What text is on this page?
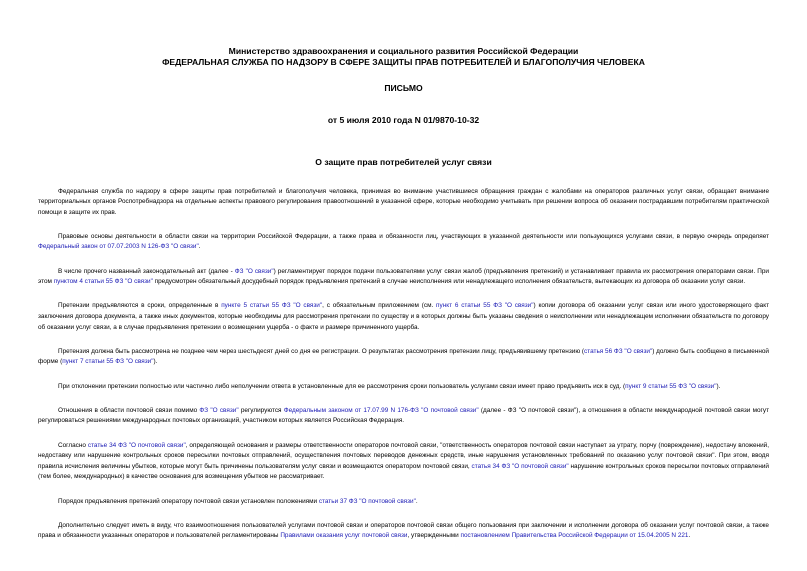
Министерство здравоохранения и социального развития Российской Федерации
ФЕДЕРАЛЬНАЯ СЛУЖБА ПО НАДЗОРУ В СФЕРЕ ЗАЩИТЫ ПРАВ ПОТРЕБИТЕЛЕЙ И БЛАГОПОЛУЧИЯ ЧЕЛОВЕКА
ПИСЬМО
от 5 июля 2010 года N 01/9870-10-32
О защите прав потребителей услуг связи

Федеральная служба по надзору в сфере защиты прав потребителей и благополучия человека, принимая во внимание участившиеся обращения граждан с жалобами на операторов различных услуг связи, обращает внимание территориальных органов Роспотребнадзора на отдельные аспекты правового регулирования правоотношений в указанной сфере, которые необходимо учитывать при решении вопроса об оказании пострадавшим потребителям практической помощи в защите их прав.

Правовые основы деятельности в области связи на территории Российской Федерации, а также права и обязанности лиц, участвующих в указанной деятельности или пользующихся услугами связи, в первую очередь определяет Федеральный закон от 07.07.2003 N 126-ФЗ "О связи".

В числе прочего названный законодательный акт (далее - ФЗ "О связи") регламентирует порядок подачи пользователями услуг связи жалоб (предъявления претензий) и устанавливает правила их рассмотрения операторами связи. При этом пунктом 4 статьи 55 ФЗ "О связи" предусмотрен обязательный досудебный порядок предъявления претензий в случае неисполнения или ненадлежащего исполнения обязательств, вытекающих из договора об оказании услуг связи.

Претензии предъявляются в сроки, определенные в пункте 5 статьи 55 ФЗ "О связи", с обязательным приложением (см. пункт 6 статьи 55 ФЗ "О связи") копии договора об оказании услуг связи или иного удостоверяющего факт заключения договора документа, а также иных документов, которые необходимы для рассмотрения претензии по существу и в которых должны быть указаны сведения о неисполнении или ненадлежащем исполнении обязательств по договору об оказании услуг связи, а в случае предъявления претензии о возмещении ущерба - о факте и размере причиненного ущерба.

Претензия должна быть рассмотрена не позднее чем через шестьдесят дней со дня ее регистрации. О результатах рассмотрения претензии лицу, предъявившему претензию (статья 56 ФЗ "О связи") должно быть сообщено в письменной форме (пункт 7 статьи 55 ФЗ "О связи").

При отклонении претензии полностью или частично либо неполучении ответа в установленные для ее рассмотрения сроки пользователь услугами связи имеет право предъявить иск в суд. (пункт 9 статьи 55 ФЗ "О связи").

Отношения в области почтовой связи помимо ФЗ "О связи" регулируются Федеральным законом от 17.07.99 N 176-ФЗ "О почтовой связи" (далее - ФЗ "О почтовой связи"), а отношения в области международной почтовой связи могут регулироваться решениями международных почтовых организаций, участником которых является Российская Федерация.

Согласно статье 34 ФЗ "О почтовой связи", определяющей основания и размеры ответственности операторов почтовой связи, "ответственность операторов почтовой связи наступает за утрату, порчу (повреждение), недостачу вложений, недоставку или нарушение контрольных сроков пересылки почтовых отправлений, осуществления почтовых переводов денежных средств, иные нарушения установленных требований по оказанию услуг почтовой связи". При этом, вводя правила исчисления величины убытков, которые могут быть причинены пользователям услуг связи и возмещаются оператором почтовой связи, статья 34 ФЗ "О почтовой связи" нарушение контрольных сроков пересылки почтовых отправлений (тем более, международных) в качестве основания для возмещения убытков не рассматривает.

Порядок предъявления претензий оператору почтовой связи установлен положениями статьи 37 ФЗ "О почтовой связи".

Дополнительно следует иметь в виду, что взаимоотношения пользователей услугами почтовой связи и операторов почтовой связи общего пользования при заключении и исполнении договора об оказании услуг почтовой связи, а также права и обязанности указанных операторов и пользователей регламентированы Правилами оказания услуг почтовой связи, утвержденными постановлением Правительства Российской Федерации от 15.04.2005 N 221.
